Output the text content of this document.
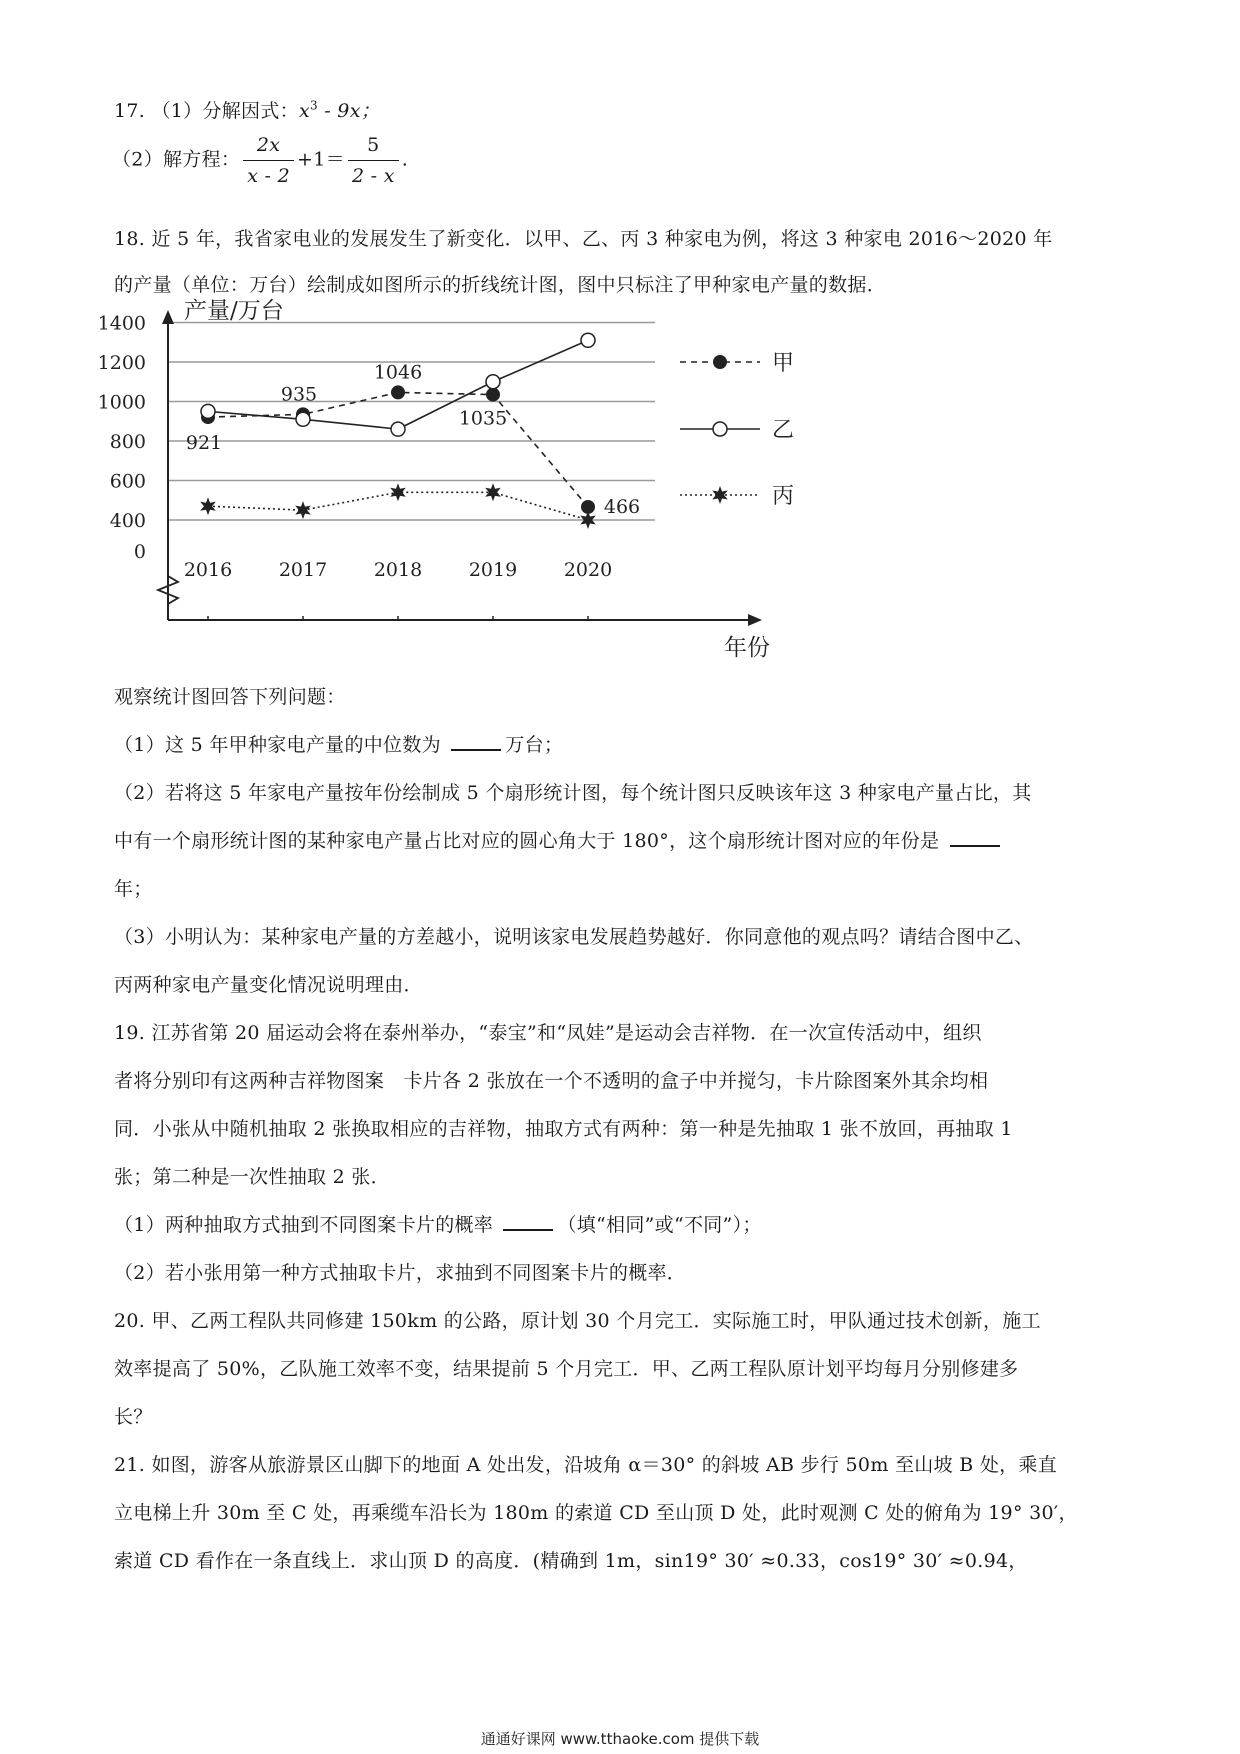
17. （1）分解因式：$x^3 - 9x$；
（2）解方程： $\frac{2x}{x - 2} +1= \frac{5}{2 - x}$ .
18. 近 5 年，我省家电业的发展发生了新变化．以甲、乙、丙 3 种家电为例，将这 3 种家电 2016～2020 年
的产量（单位：万台）绘制成如图所示的折线统计图，图中只标注了甲种家电产量的数据．
产量/万台
年份
0
400
600
800
1000
1200
1400
2016 2017 2018 2019 2020
921
935
1046
1035
466
甲
乙
丙
观察统计图回答下列问题：
（1）这 5 年甲种家电产量的中位数为	万台；
（2）若将这 5 年家电产量按年份绘制成 5 个扇形统计图，每个统计图只反映该年这 3 种家电产量占比，其
中有一个扇形统计图的某种家电产量占比对应的圆心角大于 180°，这个扇形统计图对应的年份是
年；
（3）小明认为：某种家电产量的方差越小，说明该家电发展趋势越好．你同意他的观点吗？请结合图中乙、
丙两种家电产量变化情况说明理由．
19. 江苏省第 20 届运动会将在泰州举办，“泰宝”和“凤娃”是运动会吉祥物．在一次宣传活动中，组织
者将分别印有这两种吉祥物图案　卡片各 2 张放在一个不透明的盒子中并搅匀，卡片除图案外其余均相
同．小张从中随机抽取 2 张换取相应的吉祥物，抽取方式有两种：第一种是先抽取 1 张不放回，再抽取 1
张；第二种是一次性抽取 2 张．
（1）两种抽取方式抽到不同图案卡片的概率	（填“相同”或“不同”）；
（2）若小张用第一种方式抽取卡片，求抽到不同图案卡片的概率．
20. 甲、乙两工程队共同修建 150km 的公路，原计划 30 个月完工．实际施工时，甲队通过技术创新，施工
效率提高了 50%，乙队施工效率不变，结果提前 5 个月完工．甲、乙两工程队原计划平均每月分别修建多
长？
21. 如图，游客从旅游景区山脚下的地面 A 处出发，沿坡角 α＝30° 的斜坡 AB 步行 50m 至山坡 B 处，乘直
立电梯上升 30m 至 C 处，再乘缆车沿长为 180m 的索道 CD 至山顶 D 处，此时观测 C 处的俯角为 19° 30′，
索道 CD 看作在一条直线上．求山顶 D 的高度．(精确到 1m，sin19° 30′ ≈0.33，cos19° 30′ ≈0.94，
通通好课网 www.tthaoke.com 提供下载
